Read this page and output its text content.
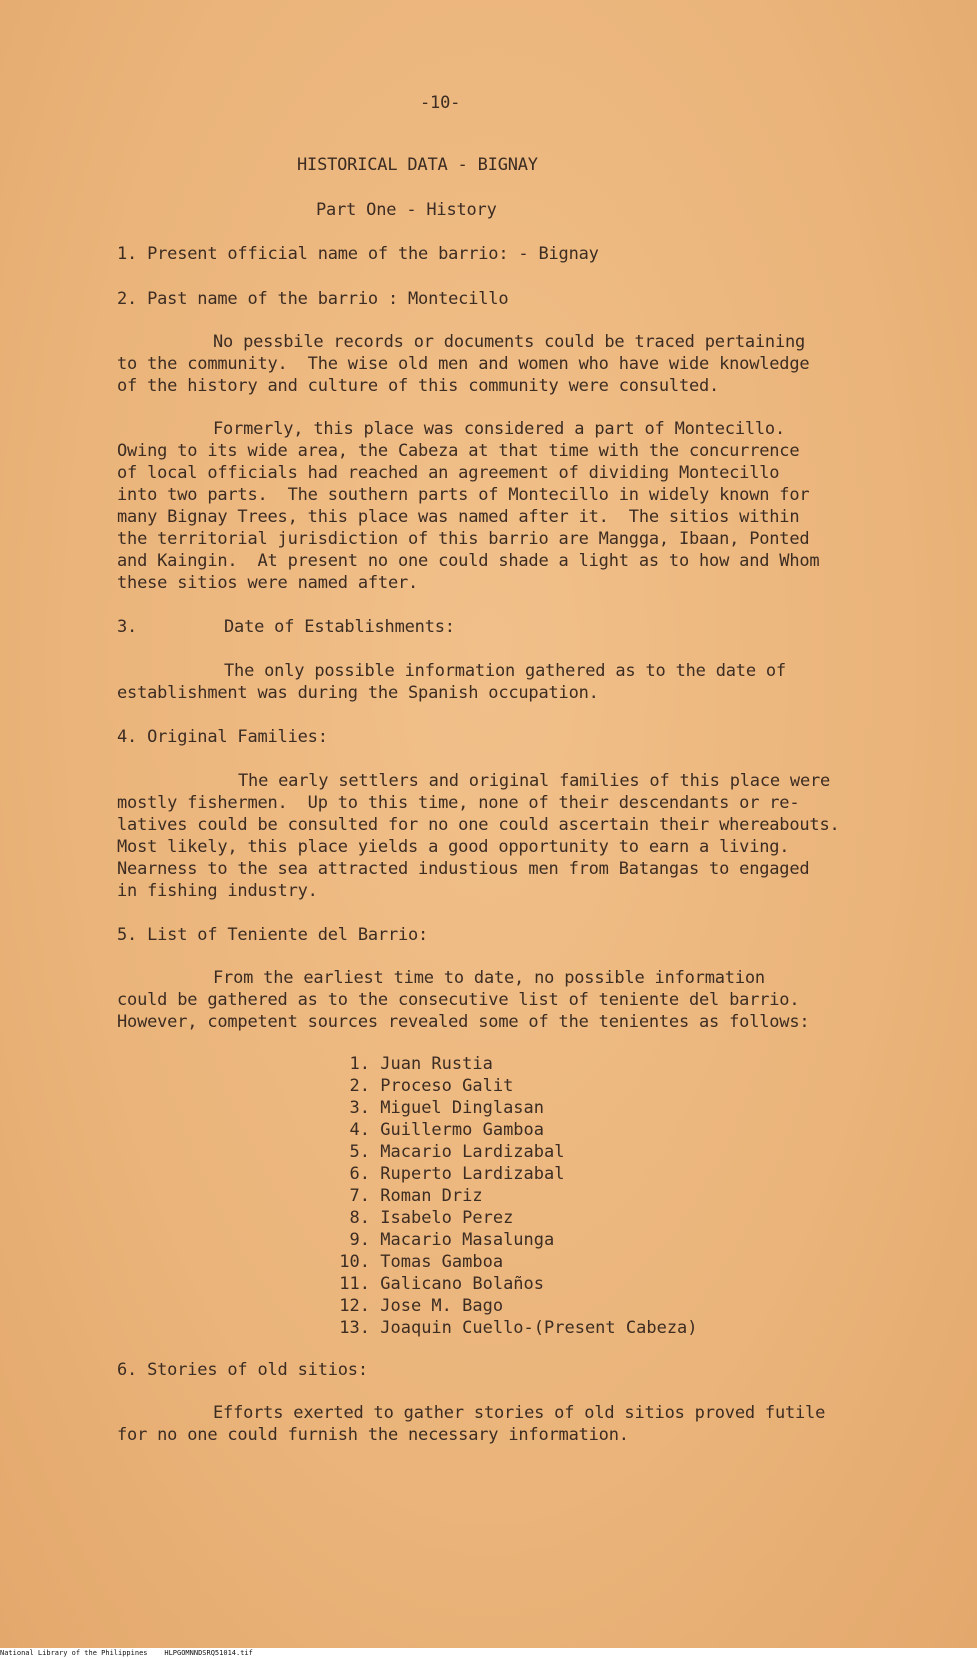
-10-
HISTORICAL DATA - BIGNAY
Part One - History
1. Present official name of the barrio: - Bignay
2. Past name of the barrio : Montecillo
No pessbile records or documents could be traced pertaining
to the community.  The wise old men and women who have wide knowledge
of the history and culture of this community were consulted.
Formerly, this place was considered a part of Montecillo.
Owing to its wide area, the Cabeza at that time with the concurrence
of local officials had reached an agreement of dividing Montecillo
into two parts.  The southern parts of Montecillo in widely known for
many Bignay Trees, this place was named after it.  The sitios within
the territorial jurisdiction of this barrio are Mangga, Ibaan, Ponted
and Kaingin.  At present no one could shade a light as to how and Whom
these sitios were named after.
3.	Date of Establishments:
The only possible information gathered as to the date of
establishment was during the Spanish occupation.
4. Original Families:
The early settlers and original families of this place were
mostly fishermen.  Up to this time, none of their descendants or re-
latives could be consulted for no one could ascertain their whereabouts.
Most likely, this place yields a good opportunity to earn a living.
Nearness to the sea attracted industious men from Batangas to engaged
in fishing industry.
5. List of Teniente del Barrio:
From the earliest time to date, no possible information
could be gathered as to the consecutive list of teniente del barrio.
However, competent sources revealed some of the tenientes as follows:
1. Juan Rustia
2. Proceso Galit
3. Miguel Dinglasan
4. Guillermo Gamboa
5. Macario Lardizabal
6. Ruperto Lardizabal
7. Roman Driz
8. Isabelo Perez
9. Macario Masalunga
10. Tomas Gamboa
11. Galicano Bolaños
12. Jose M. Bago
13. Joaquin Cuello-(Present Cabeza)
6. Stories of old sitios:
Efforts exerted to gather stories of old sitios proved futile
for no one could furnish the necessary information.
National Library of the Philippines    HLPGOMNNDSRQ51014.tif
